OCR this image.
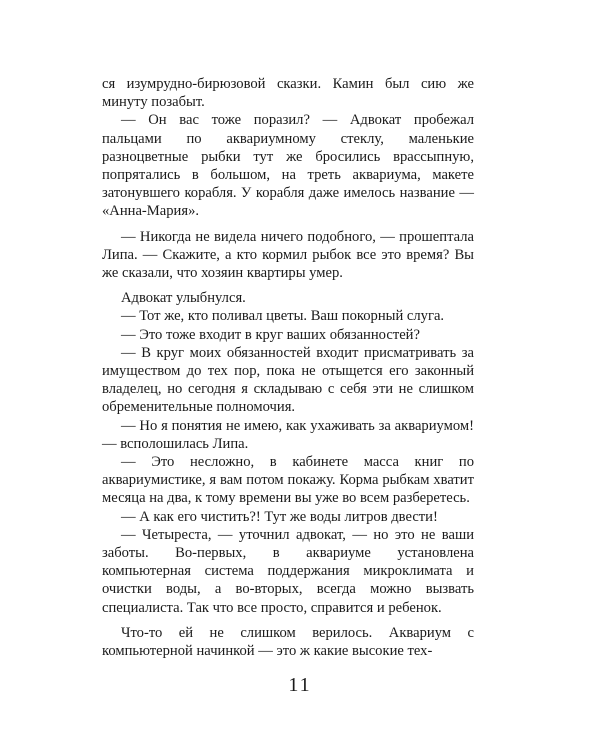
ся изумрудно-бирюзовой сказки. Камин был сию же минуту позабыт.

— Он вас тоже поразил? — Адвокат пробежал пальцами по аквариумному стеклу, маленькие разноцветные рыбки тут же бросились врассыпную, попрятались в большом, на треть аквариума, макете затонувшего корабля. У корабля даже имелось название — «Анна-Мария».

— Никогда не видела ничего подобного, — прошептала Липа. — Скажите, а кто кормил рыбок все это время? Вы же сказали, что хозяин квартиры умер.

Адвокат улыбнулся.

— Тот же, кто поливал цветы. Ваш покорный слуга.

— Это тоже входит в круг ваших обязанностей?

— В круг моих обязанностей входит присматривать за имуществом до тех пор, пока не отыщется его законный владелец, но сегодня я складываю с себя эти не слишком обременительные полномочия.

— Но я понятия не имею, как ухаживать за аквариумом! — всполошилась Липа.

— Это несложно, в кабинете масса книг по аквариумистике, я вам потом покажу. Корма рыбкам хватит месяца на два, к тому времени вы уже во всем разберетесь.

— А как его чистить?! Тут же воды литров двести!

— Четыреста, — уточнил адвокат, — но это не ваши заботы. Во-первых, в аквариуме установлена компьютерная система поддержания микроклимата и очистки воды, а во-вторых, всегда можно вызвать специалиста. Так что все просто, справится и ребенок.

Что-то ей не слишком верилось. Аквариум с компьютерной начинкой — это ж какие высокие тех-

11
